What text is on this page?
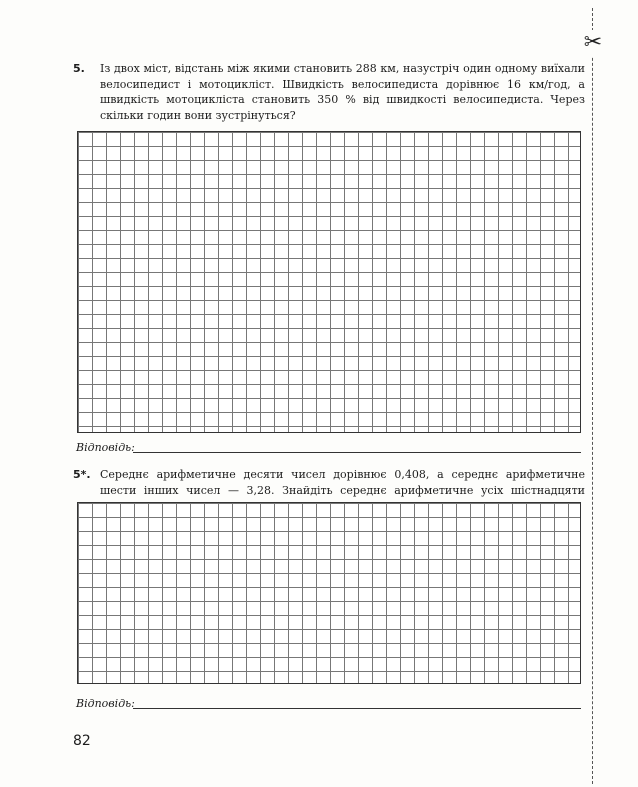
✂
5. Із двох міст, відстань між якими становить 288 км, назустріч один одному виїхали велосипедист і мотоцикліст. Швидкість велосипедиста дорівнює 16 км/год, а швидкість мотоцикліста становить 350 % від швидкості велосипедиста. Через скільки годин вони зустрінуться?
Відповідь:
5*. Середнє арифметичне десяти чисел дорівнює 0,408, а середнє арифметичне шести інших чисел — 3,28. Знайдіть середнє арифметичне усіх шістнадцяти
Відповідь:
82
